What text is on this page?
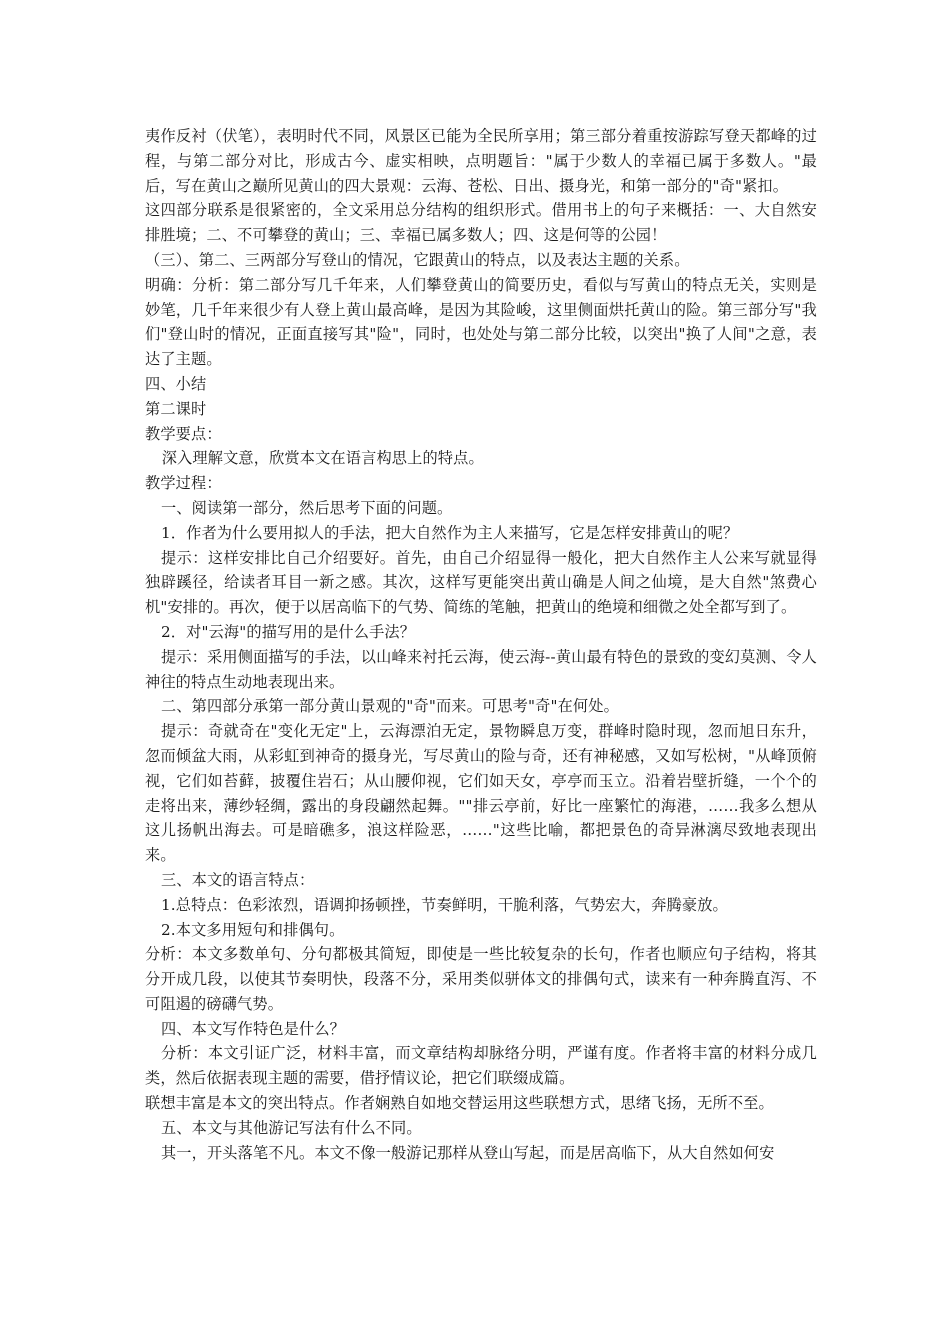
夷作反衬（伏笔），表明时代不同，风景区已能为全民所享用；第三部分着重按游踪写登天都峰的过程，与第二部分对比，形成古今、虚实相映，点明题旨："属于少数人的幸福已属于多数人。"最后，写在黄山之巅所见黄山的四大景观：云海、苍松、日出、摄身光，和第一部分的"奇"紧扣。

这四部分联系是很紧密的，全文采用总分结构的组织形式。借用书上的句子来概括：一、大自然安排胜境；二、不可攀登的黄山；三、幸福已属多数人；四、这是何等的公园！

（三）、第二、三两部分写登山的情况，它跟黄山的特点，以及表达主题的关系。

明确：分析：第二部分写几千年来，人们攀登黄山的简要历史，看似与写黄山的特点无关，实则是妙笔，几千年来很少有人登上黄山最高峰，是因为其险峻，这里侧面烘托黄山的险。第三部分写"我们"登山时的情况，正面直接写其"险"，同时，也处处与第二部分比较，以突出"换了人间"之意，表达了主题。

四、小结

第二课时

教学要点：

深入理解文意，欣赏本文在语言构思上的特点。

教学过程：

一、阅读第一部分，然后思考下面的问题。

1．作者为什么要用拟人的手法，把大自然作为主人来描写，它是怎样安排黄山的呢？

提示：这样安排比自己介绍要好。首先，由自己介绍显得一般化，把大自然作主人公来写就显得独辟蹊径，给读者耳目一新之感。其次，这样写更能突出黄山确是人间之仙境，是大自然"煞费心机"安排的。再次，便于以居高临下的气势、简练的笔触，把黄山的绝境和细微之处全都写到了。

2．对"云海"的描写用的是什么手法？

提示：采用侧面描写的手法，以山峰来衬托云海，使云海--黄山最有特色的景致的变幻莫测、令人神往的特点生动地表现出来。

二、第四部分承第一部分黄山景观的"奇"而来。可思考"奇"在何处。

提示：奇就奇在"变化无定"上，云海漂泊无定，景物瞬息万变，群峰时隐时现，忽而旭日东升，忽而倾盆大雨，从彩虹到神奇的摄身光，写尽黄山的险与奇，还有神秘感，又如写松树，"从峰顶俯视，它们如苔藓，披覆住岩石；从山腰仰视，它们如天女，亭亭而玉立。沿着岩壁折缝，一个个的走将出来，薄纱轻绸，露出的身段翩然起舞。""排云亭前，好比一座繁忙的海港，……我多么想从这儿扬帆出海去。可是暗礁多，浪这样险恶，……"这些比喻，都把景色的奇异淋漓尽致地表现出来。

三、本文的语言特点：

1.总特点：色彩浓烈，语调抑扬顿挫，节奏鲜明，干脆利落，气势宏大，奔腾豪放。

2.本文多用短句和排偶句。

分析：本文多数单句、分句都极其简短，即使是一些比较复杂的长句，作者也顺应句子结构，将其分开成几段，以使其节奏明快，段落不分，采用类似骈体文的排偶句式，读来有一种奔腾直泻、不可阻遏的磅礴气势。

四、本文写作特色是什么？

分析：本文引证广泛，材料丰富，而文章结构却脉络分明，严谨有度。作者将丰富的材料分成几类，然后依据表现主题的需要，借抒情议论，把它们联缀成篇。

联想丰富是本文的突出特点。作者娴熟自如地交替运用这些联想方式，思绪飞扬，无所不至。

五、本文与其他游记写法有什么不同。

其一，开头落笔不凡。本文不像一般游记那样从登山写起，而是居高临下，从大自然如何安
